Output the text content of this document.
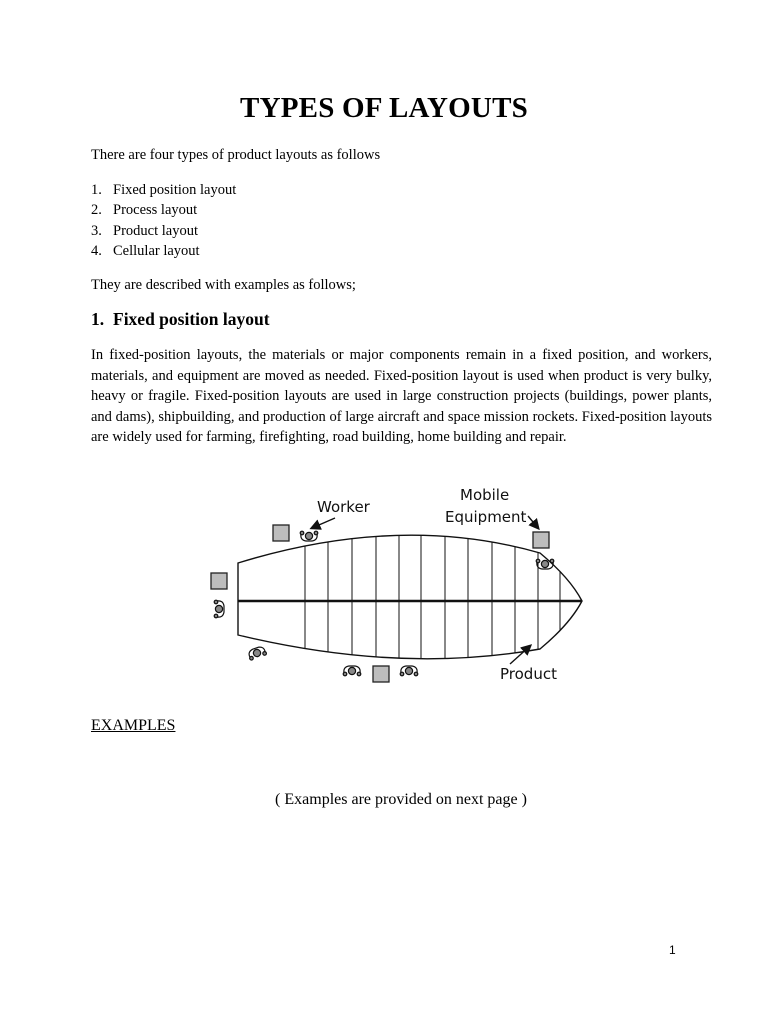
TYPES OF LAYOUTS

There are four types of product layouts as follows

1. Fixed position layout
2. Process layout
3. Product layout
4. Cellular layout

They are described with examples as follows;

1. Fixed position layout

In fixed-position layouts, the materials or major components remain in a fixed position, and workers, materials, and equipment are moved as needed. Fixed-position layout is used when product is very bulky, heavy or fragile. Fixed-position layouts are used in large construction projects (buildings, power plants, and dams), shipbuilding, and production of large aircraft and space mission rockets. Fixed-position layouts are widely used for farming, firefighting, road building, home building and repair.

Worker
Mobile
Equipment
Product

EXAMPLES

( Examples are provided on next page )

1
